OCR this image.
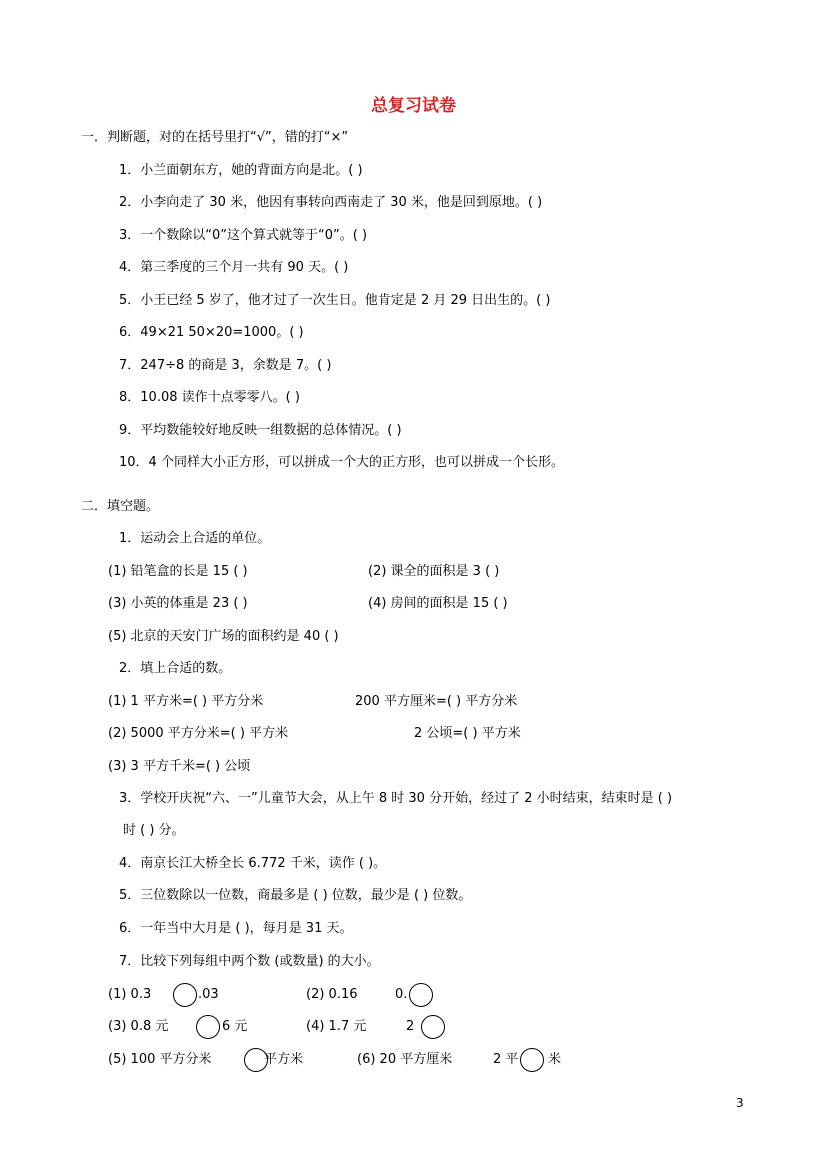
总复习试卷
一．判断题，对的在括号里打“√”，错的打“×”
1．小兰面朝东方，她的背面方向是北。( )
2．小李向走了 30 米，他因有事转向西南走了 30 米，他是回到原地。( )
3．一个数除以“0”这个算式就等于“0”。( )
4．第三季度的三个月一共有 90 天。( )
5．小王已经 5 岁了，他才过了一次生日。他肯定是 2 月 29 日出生的。( )
6．49×21 50×20=1000。( )
7．247÷8 的商是 3，余数是 7。( )
8．10.08 读作十点零零八。( )
9．平均数能较好地反映一组数据的总体情况。( )
10．4 个同样大小正方形，可以拼成一个大的正方形，也可以拼成一个长形。
二．填空题。
1．运动会上合适的单位。
(1) 铅笔盒的长是 15 ( )	(2) 课全的面积是 3 ( )
(3) 小英的体重是 23 ( )	(4) 房间的面积是 15 ( )
(5) 北京的天安门广场的面积约是 40 ( )
2．填上合适的数。
(1) 1 平方米=( ) 平方分米	200 平方厘米=( ) 平方分米
(2) 5000 平方分米=( ) 平方米	2 公顷=( ) 平方米
(3) 3 平方千米=( ) 公顷
3．学校开庆祝“六、一”儿童节大会，从上午 8 时 30 分开始，经过了 2 小时结束，结束时是 ( )
时 ( ) 分。
4．南京长江大桥全长 6.772 千米，读作 ( )。
5．三位数除以一位数，商最多是 ( ) 位数，最少是 ( ) 位数。
6．一年当中大月是 ( )，每月是 31 天。
7．比较下列每组中两个数 (或数量) 的大小。
(1) 0.3	.03	(2) 0.16	0.
(3) 0.8 元	6 元	(4) 1.7 元	2
(5) 100 平方分米	平方米	(6) 20 平方厘米	2 平 米
3
